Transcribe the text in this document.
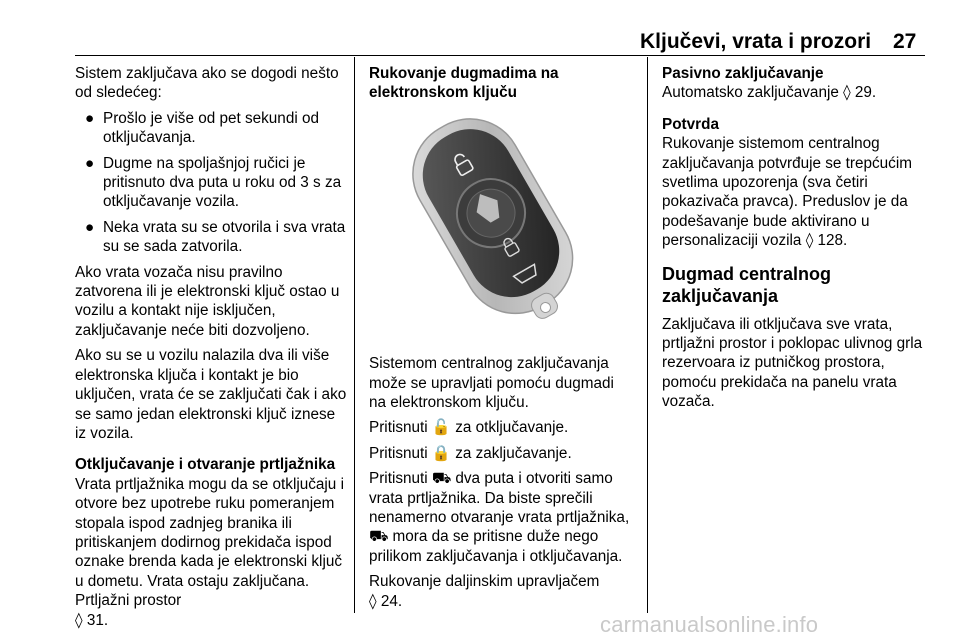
Ključevi, vrata i prozori 27

Sistem zaključava ako se dogodi nešto od sledećeg:

● Prošlo je više od pet sekundi od otključavanja.
● Dugme na spoljašnjoj ručici je pritisnuto dva puta u roku od 3 s za otključavanje vozila.
● Neka vrata su se otvorila i sva vrata su se sada zatvorila.

Ako vrata vozača nisu pravilno zatvorena ili je elektronski ključ ostao u vozilu a kontakt nije isključen, zaključavanje neće biti dozvoljeno.

Ako su se u vozilu nalazila dva ili više elektronska ključa i kontakt je bio uključen, vrata će se zaključati čak i ako se samo jedan elektronski ključ iznese iz vozila.

Otključavanje i otvaranje prtljažnika

Vrata prtljažnika mogu da se otključaju i otvore bez upotrebe ruku pomeranjem stopala ispod zadnjeg branika ili pritiskanjem dodirnog prekidača ispod oznake brenda kada je elektronski ključ u dometu. Vrata ostaju zaključana. Prtljažni prostor
◊ 31.

Rukovanje dugmadima na elektronskom ključu

Sistemom centralnog zaključavanja može se upravljati pomoću dugmadi na elektronskom ključu.

Pritisnuti 🔓 za otključavanje.

Pritisnuti 🔒 za zaključavanje.

Pritisnuti ⛟ dva puta i otvoriti samo vrata prtljažnika. Da biste sprečili nenamerno otvaranje vrata prtljažnika, ⛟ mora da se pritisne duže nego prilikom zaključavanja i otključavanja.

Rukovanje daljinskim upravljačem
◊ 24.

Pasivno zaključavanje

Automatsko zaključavanje ◊ 29.

Potvrda

Rukovanje sistemom centralnog zaključavanja potvrđuje se trepćućim svetlima upozorenja (sva četiri pokazivača pravca). Preduslov je da podešavanje bude aktivirano u personalizaciji vozila ◊ 128.

Dugmad centralnog zaključavanja

Zaključava ili otključava sve vrata, prtljažni prostor i poklopac ulivnog grla rezervoara iz putničkog prostora, pomoću prekidača na panelu vrata vozača.

carmanualsonline.info
